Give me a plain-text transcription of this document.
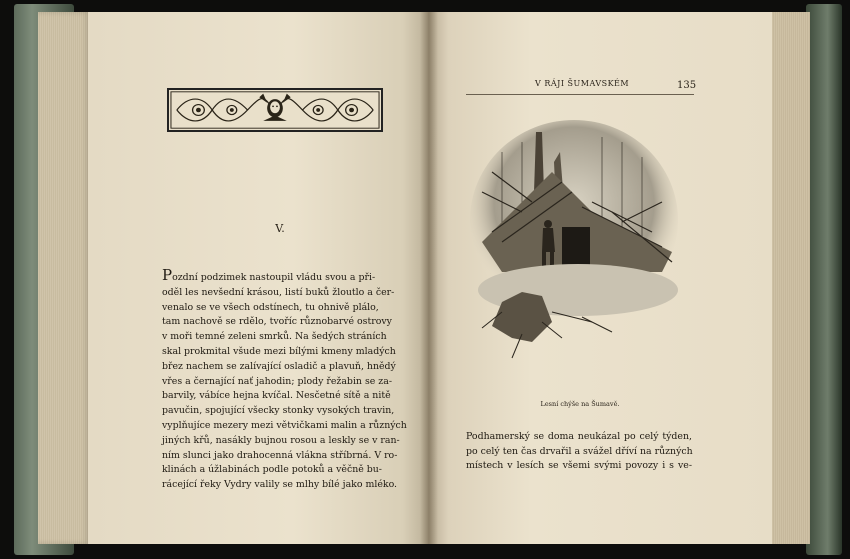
V.
Pozdní podzimek nastoupil vládu svou a při-
oděl les nevšední krásou, listí buků žloutlo a čer-
venalo se ve všech odstínech, tu ohnivě plálo,
tam nachově se rdělo, tvoříc různobarvé ostrovy
v moři temné zeleni smrků. Na šedých stráních
skal prokmital všude mezi bílými kmeny mladých
břez nachem se zalívající osladič a plavuň, hnědý
vřes a černající nať jahodin; plody řežabin se za-
barvily, vábíce hejna kvíčal. Nesčetné sítě a nitě
pavučin, spojující všecky stonky vysokých travin,
vyplňujíce mezery mezi větvičkami malin a různých
jiných křů, nasákly bujnou rosou a leskly se v ran-
ním slunci jako drahocenná vlákna stříbrná. V ro-
klinách a úžlabinách podle potoků a věčně bu-
rácející řeky Vydry valily se mlhy bílé jako mléko.
V RÁJI ŠUMAVSKÉM	135
Lesní chýše na Šumavě.
Podhamerský se doma neukázal po celý týden,
po celý ten čas drvařil a svážel dříví na různých
místech v lesích se všemi svými povozy i s ve-
